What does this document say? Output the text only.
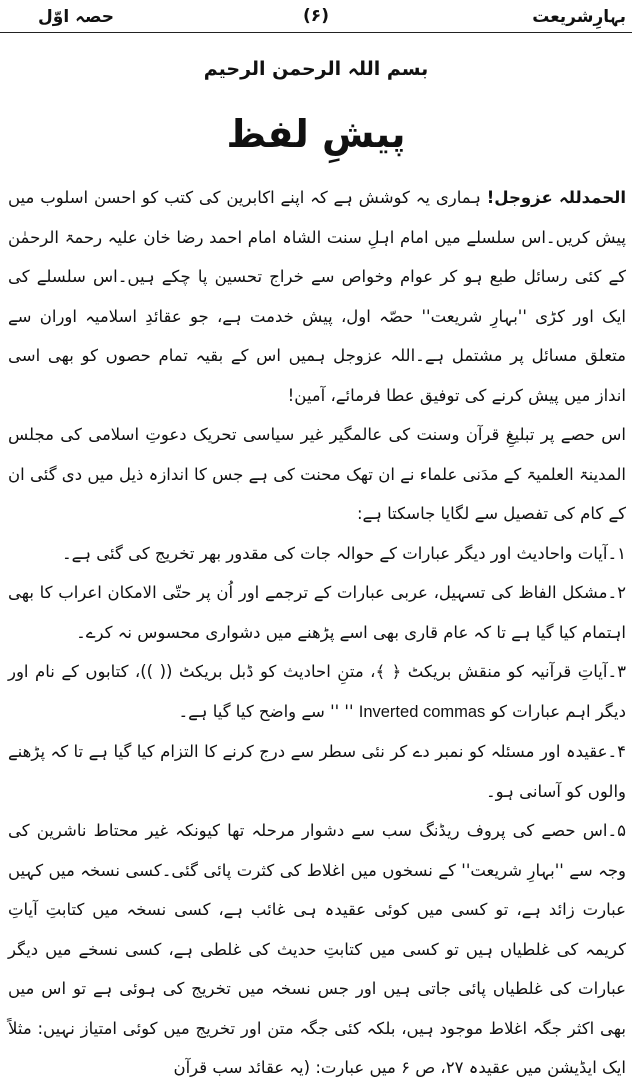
بہارِشریعت
(۶)
حصہ اوّل
بسم اللہ الرحمن الرحیم
پیشِ لفظ

الحمدللہ عزوجل! ہماری یہ کوشش ہے کہ اپنے اکابرین کی کتب کو احسن اسلوب میں پیش کریں۔اس سلسلے میں امام اہلِ سنت الشاہ امام احمد رضا خان علیہ رحمۃ الرحمٰن کے کئی رسائل طبع ہو کر عوام وخواص سے خراج تحسین پا چکے ہیں۔اس سلسلے کی ایک اور کڑی ''بہارِ شریعت'' حصّہ اول، پیش خدمت ہے، جو عقائدِ اسلامیہ اوران سے متعلق مسائل پر مشتمل ہے۔اللہ عزوجل ہمیں اس کے بقیہ تمام حصوں کو بھی اسی انداز میں پیش کرنے کی توفیق عطا فرمائے، آمین!

اس حصے پر تبلیغِ قرآن وسنت کی عالمگیر غیر سیاسی تحریک دعوتِ اسلامی کی مجلس المدینۃ العلمیۃ کے مدَنی علماء نے ان تھک محنت کی ہے جس کا اندازہ ذیل میں دی گئی ان کے کام کی تفصیل سے لگایا جاسکتا ہے:

۱۔آیات واحادیث اور دیگر عبارات کے حوالہ جات کی مقدور بھر تخریج کی گئی ہے۔

۲۔مشکل الفاظ کی تسہیل، عربی عبارات کے ترجمے اور اُن پر حتّی الامکان اعراب کا بھی اہتمام کیا گیا ہے تا کہ عام قاری بھی اسے پڑھنے میں دشواری محسوس نہ کرے۔

۳۔آیاتِ قرآنیہ کو منقش بریکٹ ﴿ ﴾، متنِ احادیث کو ڈبل بریکٹ (( ))، کتابوں کے نام اور دیگر اہم عبارات کو Inverted commas '' '' سے واضح کیا گیا ہے۔

۴۔عقیدہ اور مسئلہ کو نمبر دے کر نئی سطر سے درج کرنے کا التزام کیا گیا ہے تا کہ پڑھنے والوں کو آسانی ہو۔

۵۔اس حصے کی پروف ریڈنگ سب سے دشوار مرحلہ تھا کیونکہ غیر محتاط ناشرین کی وجہ سے ''بہارِ شریعت'' کے نسخوں میں اغلاط کی کثرت پائی گئی۔کسی نسخہ میں کہیں عبارت زائد ہے، تو کسی میں کوئی عقیدہ ہی غائب ہے، کسی نسخہ میں کتابتِ آیاتِ کریمہ کی غلطیاں ہیں تو کسی میں کتابتِ حدیث کی غلطی ہے، کسی نسخے میں دیگر عبارات کی غلطیاں پائی جاتی ہیں اور جس نسخہ میں تخریج کی ہوئی ہے تو اس میں بھی اکثر جگہ اغلاط موجود ہیں، بلکہ کئی جگہ متن اور تخریج میں کوئی امتیاز نہیں: مثلاً ایک ایڈیشن میں عقیدہ ۲۷، ص ۶ میں عبارت: (یہ عقائد سب قرآن
